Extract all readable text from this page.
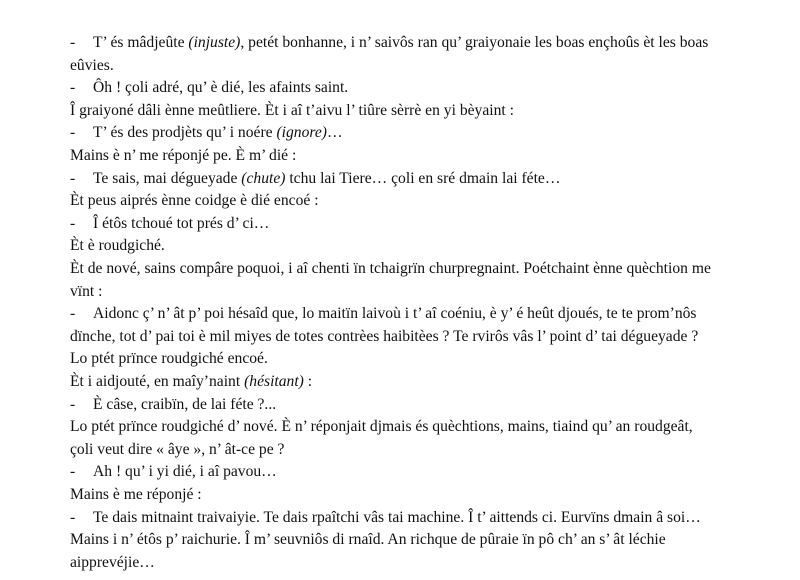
- T’ és mâdjeûte (injuste), petét bonhanne, i n’ saivôs ran qu’ graiyonaie les boas ençhoûs èt les boas
eûvies.
- Ôh ! çoli adré, qu’ è dié, les afaints saint.
Î graiyoné dâli ènne meûtliere. Èt i aî t’aivu l’ tiûre sèrrè en yi bèyaint :
- T’ és des prodjèts qu’ i noére (ignore)…
Mains è n’ me réponjé pe. È m’ dié :
- Te sais, mai dégueyade (chute) tchu lai Tiere… çoli en sré dmain lai féte…
Èt peus aiprés ènne coidge è dié encoé :
- Î étôs tchoué tot prés d’ ci…
Èt è roudgiché.
Èt de nové, sains compâre poquoi, i aî chenti ïn tchaigrïn churpregnaint. Poétchaint ènne quèchtion me
vïnt :
- Aidonc ç’ n’ ât p’ poi hésaîd que, lo maitïn laivoù i t’ aî coéniu, è y’ é heût djoués, te te prom’nôs
dïnche, tot d’ pai toi è mil miyes de totes contrèes haibitèes ? Te rvirôs vâs l’ point d’ tai dégueyade ?
Lo ptét prïnce roudgiché encoé.
Èt i aidjouté, en maîy’naint (hésitant) :
- È câse, craibïn, de lai féte ?...
Lo ptét prïnce roudgiché d’ nové. È n’ réponjait djmais és quèchtions, mains, tiaind qu’ an roudgeât,
çoli veut dire « âye », n’ ât-ce pe ?
- Ah ! qu’ i yi dié, i aî pavou…
Mains è me réponjé :
- Te dais mitnaint traivaiyie. Te dais rpaîtchi vâs tai machine. Î t’ aittends ci. Eurvïns dmain â soi…
Mains i n’ étôs p’ raichurie. Î m’ seuvniôs di rnaîd. An richque de pûraie ïn pô ch’ an s’ ât léchie
aipprevéjie…
